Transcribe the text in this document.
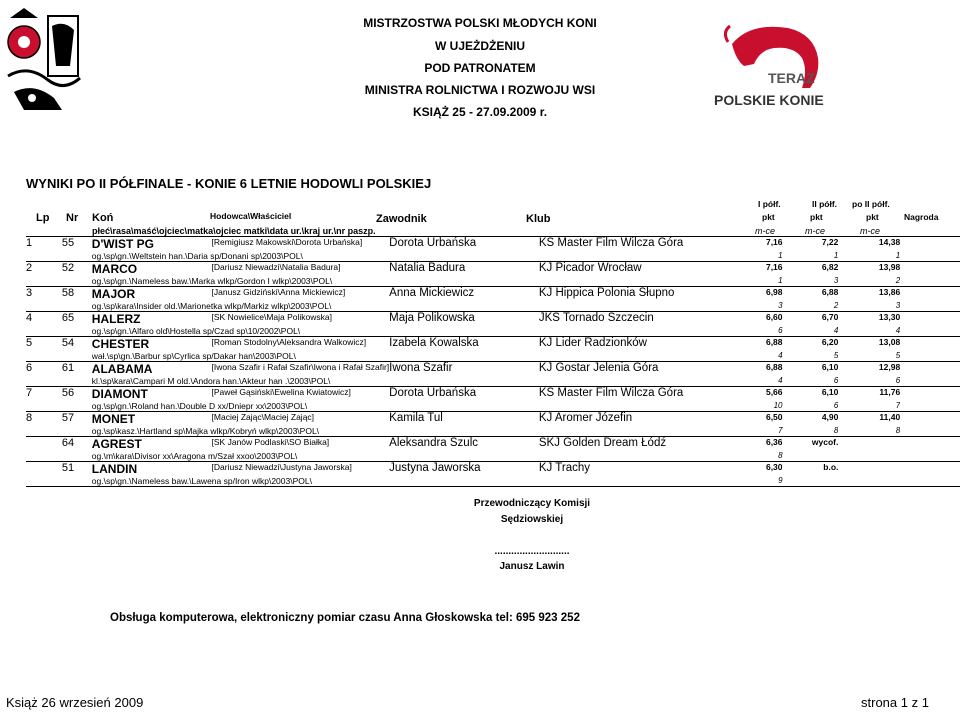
MISTRZOSTWA POLSKI MŁODYCH KONI
W UJEŻDŻENIU
POD PATRONATEM
MINISTRA ROLNICTWA I ROZWOJU WSI
KSIĄŻ 25 - 27.09.2009 r.
TERAZ
POLSKIE KONIE
WYNIKI PO II PÓŁFINALE - KONIE 6 LETNIE HODOWLI POLSKIEJ
I półf.	II półf. po II półf.
Lp Nr Koń	Hodowca\Właściciel	Zawodnik	Klub	pkt	pkt	pkt	Nagroda
płeć\rasa\maść\ojciec\matka\ojciec matki\data ur.\kraj ur.\nr paszp.	m-ce	m-ce	m-ce
1	55	D'WIST PG	[Remigiusz Makowski\Dorota Urbańska]	Dorota Urbańska	KS Master Film Wilcza Góra	7,16	7,22	14,38	
		og.\sp\gn.\Weltstein han.\Daria sp/Donani sp\2003\POL\				1	1	1	
2	52	MARCO	[Dariusz Niewadzi\Natalia Badura]	Natalia Badura	KJ Picador Wrocław	7,16	6,82	13,98	
		og.\sp\gn.\Nameless baw.\Marka wlkp/Gordon I wlkp\2003\POL\				1	3	2	
3	58	MAJOR	[Janusz Gidziński\Anna Mickiewicz]	Anna Mickiewicz	KJ Hippica Polonia Słupno	6,98	6,88	13,86	
		og.\sp\kara\Insider old.\Marionetka wlkp/Markiz wlkp\2003\POL\				3	2	3	
4	65	HALERZ	[SK Nowielice\Maja Polikowska]	Maja Polikowska	JKS Tornado Szczecin	6,60	6,70	13,30	
		og.\sp\gn.\Alfaro old\Hostella sp/Czad sp\10/2002\POL\				6	4	4	
5	54	CHESTER	[Roman Stodolny\Aleksandra Walkowicz]	Izabela Kowalska	KJ Lider Radzionków	6,88	6,20	13,08	
		wał.\sp\gn.\Barbur sp\Cyrlica sp/Dakar han\2003\POL\				4	5	5	
6	61	ALABAMA	[Iwona Szafir i Rafał Szafir\Iwona i Rafał Szafir]	Iwona Szafir	KJ Gostar Jelenia Góra	6,88	6,10	12,98	
		kl.\sp\kara\Campari M old.\Andora han.\Akteur han .\2003\POL\				4	6	6	
7	56	DIAMONT	[Paweł Gąsiński\Ewelina Kwiatowicz]	Dorota Urbańska	KS Master Film Wilcza Góra	5,66	6,10	11,76	
		og.\sp\gn.\Roland han.\Double D xx/Dniepr xx\2003\POL\				10	6	7	
8	57	MONET	[Maciej Zając\Maciej Zając]	Kamila Tul	KJ Aromer Józefin	6,50	4,90	11,40	
		og.\sp\kasz.\Hartland sp\Majka wlkp/Kobryń wlkp\2003\POL\				7	8	8	
	64	AGREST	[SK Janów Podlaski\SO Białka]	Aleksandra Szulc	SKJ Golden Dream Łódź	6,36	wycof.		
		og.\m\kara\Divisor xx\Aragona m/Szał xxoo\2003\POL\				8			
	51	LANDIN	[Dariusz Niewadzi\Justyna Jaworska]	Justyna Jaworska	KJ Trachy	6,30	b.o.		
		og.\sp\gn.\Nameless baw.\Lawena sp/Iron wlkp\2003\POL\				9			

Przewodniczący Komisji
Sędziowskiej
...........................
Janusz Lawin
Obsługa komputerowa, elektroniczny pomiar czasu Anna Głoskowska tel: 695 923 252
Książ 26 wrzesień 2009	strona 1 z 1
